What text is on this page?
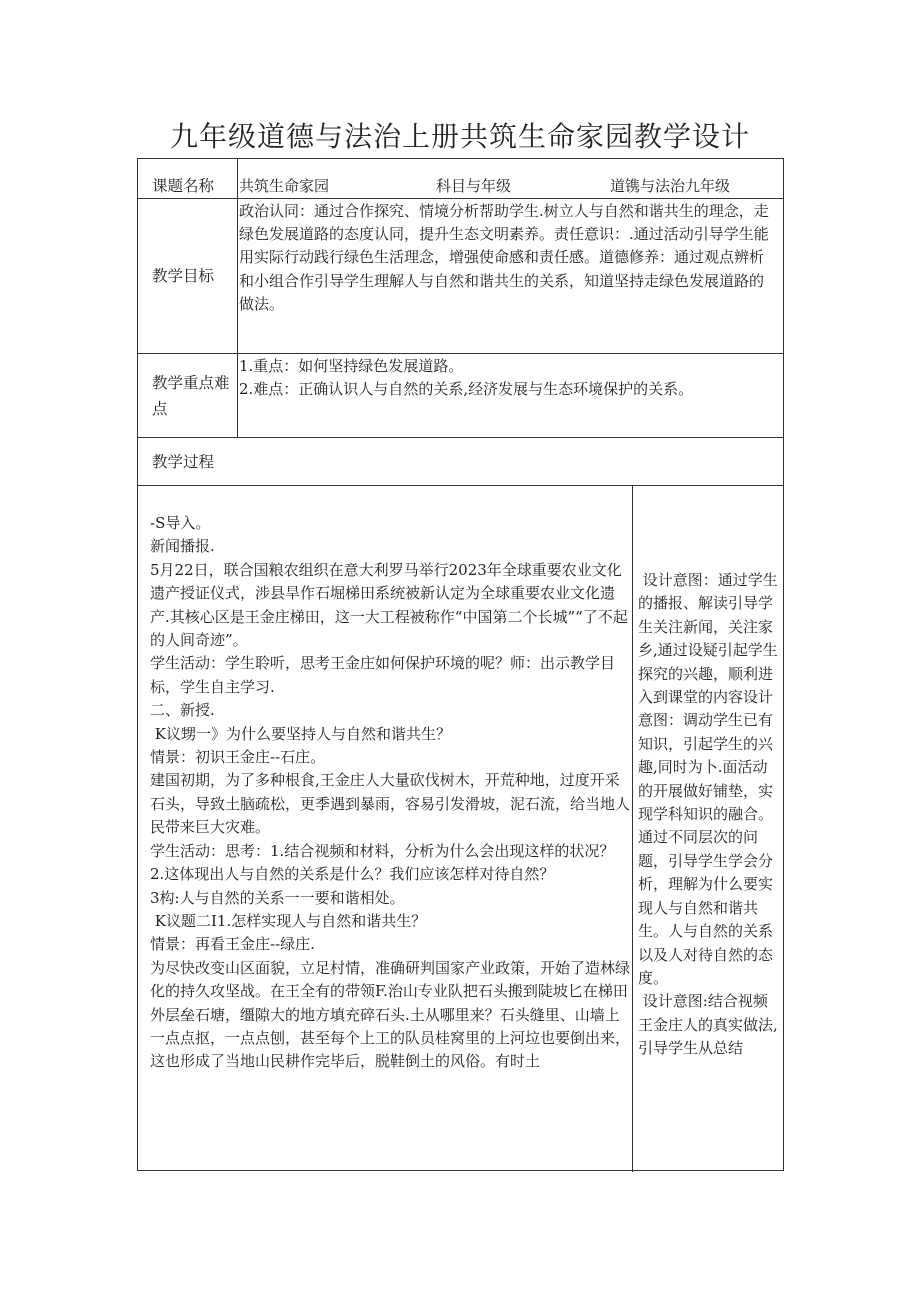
九年级道德与法治上册共筑生命家园教学设计
课题名称 共筑生命家园	科目与年级	道镌与法治九年级
教学目标

政治认同：通过合作探究、情境分析帮助学生.树立人与自然和谐共生的理念，走绿色发展道路的态度认同，提升生态文明素养。责任意识：.通过活动引导学生能用实际行动践行绿色生活理念，增强使命感和责任感。道德修养：通过观点辨析和小组合作引导学生理解人与自然和谐共生的关系，知道坚持走绿色发展道路的做法。

教学重点难点

1.重点：如何坚持绿色发展道路。

2.难点：正确认识人与自然的关系,经济发展与生态环境保护的关系。

教学过程

-S导入。

新闻播报.

5月22日，联合国粮农组织在意大利罗马举行2023年全球重要农业文化遗产授证仪式，涉县旱作石堀梯田系统被新认定为全球重要农业文化遗产.其核心区是王金庄梯田，这一大工程被称作“中国第二个长城”“了不起的人间奇迹”。

学生活动：学生聆听，思考王金庄如何保护环境的呢？师：出示教学目标，学生自主学习.

二、新授.

K议甥一》为什么要坚持人与自然和谐共生？

情景：初识王金庄--石庄。

建国初期，为了多种根食,王金庄人大量砍伐树木，开荒种地，过度开采石头，导致土脑疏松，更季遇到暴雨，容易引发滑坡，泥石流，给当地人民带来巨大灾难。

学生活动：思考：1.结合视频和材料，分析为什么会出现这样的状况？

2.这体现出人与自然的关系是什么？我们应该怎样对待自然？

3构:人与自然的关系一一要和谐相处。

K议题二I1.怎样实现人与自然和谐共生？

情景：再看王金庄--绿庄.

为尽快改变山区面貌，立足村情，准确研判国家产业政策，开始了造林绿化的持久攻坚战。在王全有的带领F.治山专业队把石头搬到陡坡匕在梯田外层垒石塘，缰隙大的地方填充碎石头.土从哪里来？石头缝里、山墙上一点点抠，一点点刨，甚至每个上工的队员桂窝里的上河垃也要倒出来，这也形成了当地山民耕作完毕后，脱鞋倒土的风俗。有时土

设计意图：通过学生的播报、解读引导学生关注新闻，关注家乡,通过设疑引起学生探究的兴趣，顺利进入到课堂的内容设计意图：调动学生已有知识，引起学生的兴趣,同时为卜.面活动的开展做好铺垫，实现学科知识的融合。通过不同层次的问题，引导学生学会分析，理解为什么要实现人与自然和谐共生。人与自然的关系以及人对待自然的态度。

设计意图:结合视频王金庄人的真实做法,引导学生从总结
